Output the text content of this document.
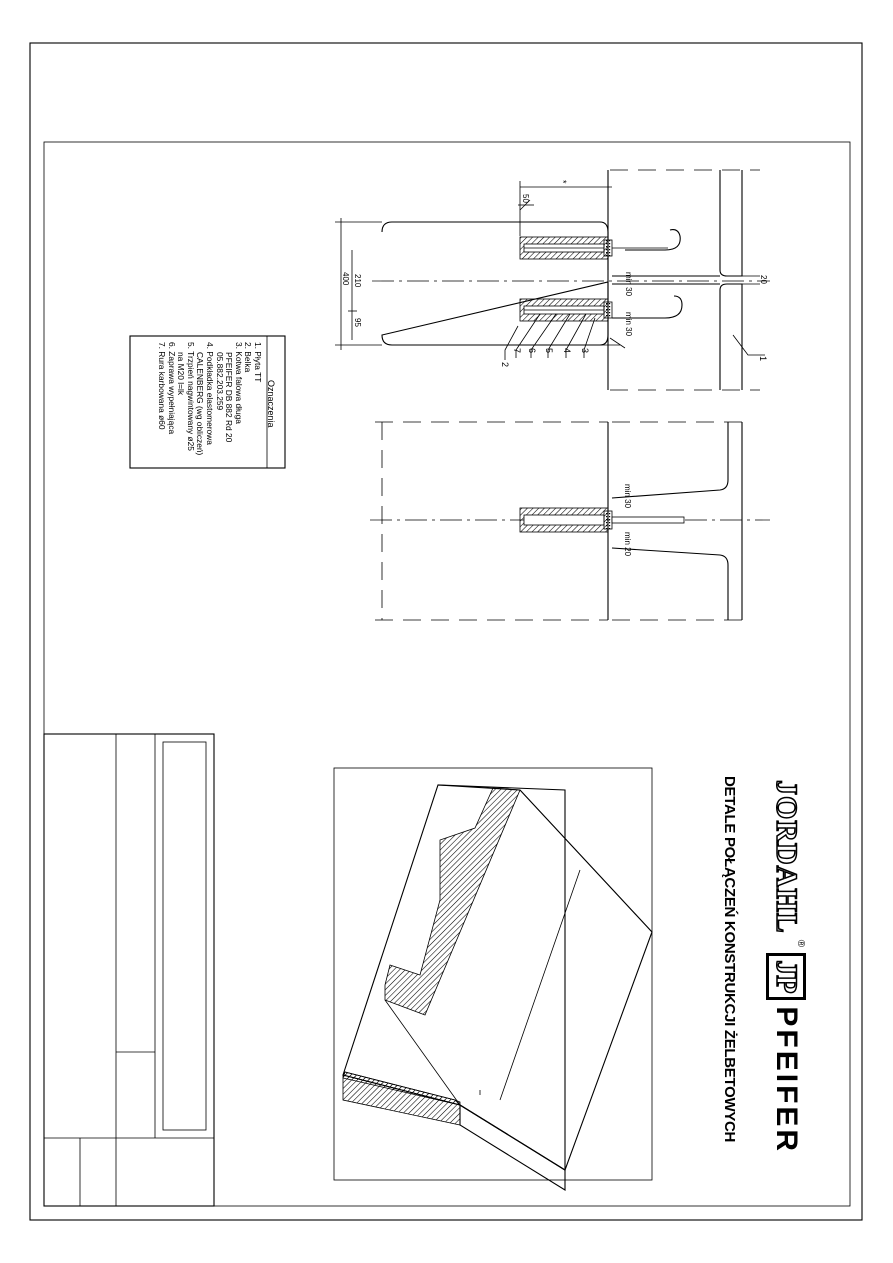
Oznaczenia
1. Płyta TT
2. Belka
3. Kotwa falowa długa
PFEIFER DB 882 Rd 20
05.882.203.259
4. Podkładka elastomerowa
CALENBERG (wg obliczeń)
5. Trzpień nagwintowany ø25
na M20 l=lk
6. Zaprawa wypełniająca
7. Rura karbowana ø60
*
50
400 210
95
min 30
min 30
20
min 30
min 20
1
2
3
4
5
6
7
JORDAHL
®
JP
PFEIFER
DETALE POŁĄCZEŃ KONSTRUKCJI ŻELBETOWYCH
